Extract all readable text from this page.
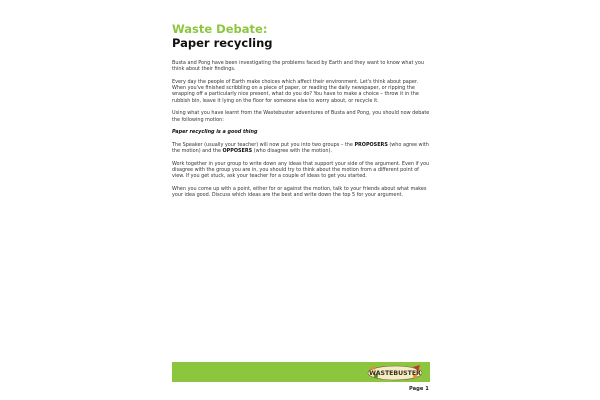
Waste Debate:
Paper recycling

Busta and Pong have been investigating the problems faced by Earth and they want to know what you think about their findings.

Every day the people of Earth make choices which affect their environment. Let's think about paper. When you've finished scribbling on a piece of paper, or reading the daily newspaper, or ripping the wrapping off a particularly nice present, what do you do? You have to make a choice – throw it in the rubbish bin, leave it lying on the floor for someone else to worry about, or recycle it.

Using what you have learnt from the Wastebuster adventures of Busta and Pong, you should now debate the following motion:

Paper recycling is a good thing

The Speaker (usually your teacher) will now put you into two groups – the PROPOSERS (who agree with the motion) and the OPPOSERS (who disagree with the motion).

Work together in your group to write down any ideas that support your side of the argument. Even if you disagree with the group you are in, you should try to think about the motion from a different point of view. If you get stuck, ask your teacher for a couple of ideas to get you started.

When you come up with a point, either for or against the motion, talk to your friends about what makes your idea good. Discuss which ideas are the best and write down the top 5 for your argument.

WASTEBUSTER
Page 1
